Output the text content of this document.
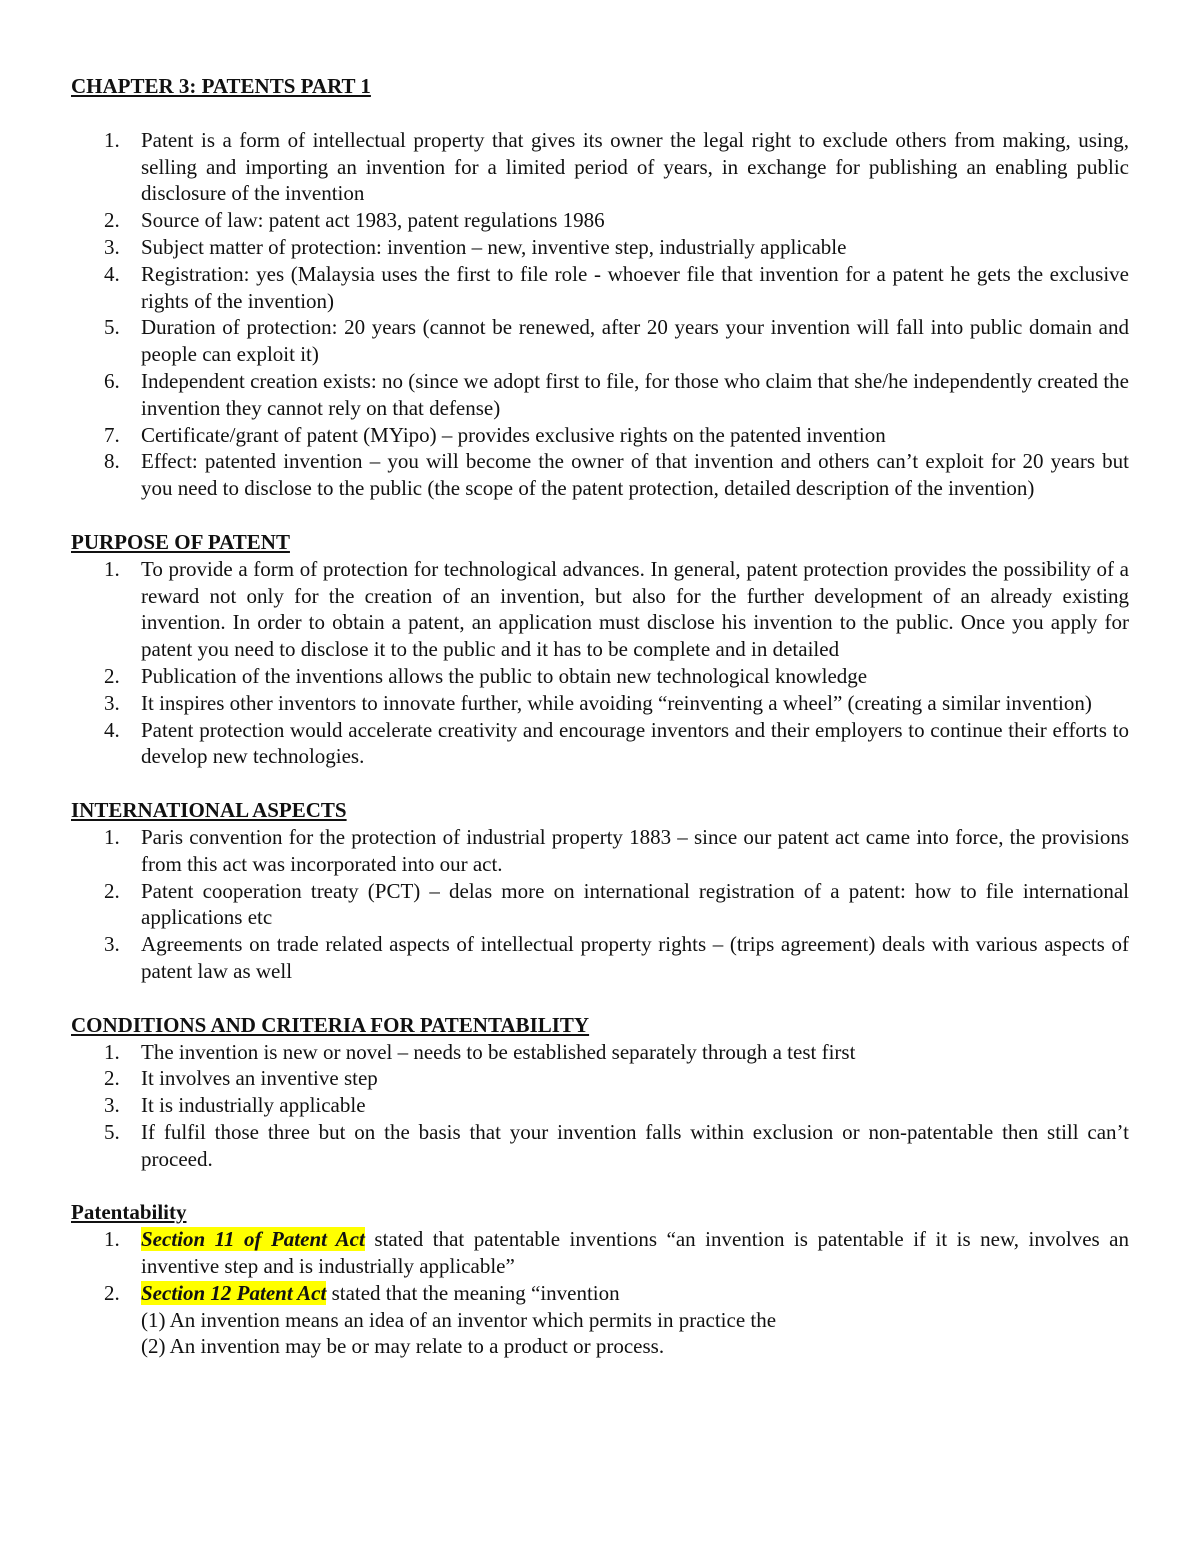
CHAPTER 3: PATENTS PART 1
1.	Patent is a form of intellectual property that gives its owner the legal right to exclude others from making, using, selling and importing an invention for a limited period of years, in exchange for publishing an enabling public disclosure of the invention
2.	Source of law: patent act 1983, patent regulations 1986
3.	Subject matter of protection: invention – new, inventive step, industrially applicable
4.	Registration: yes (Malaysia uses the first to file role - whoever file that invention for a patent he gets the exclusive rights of the invention)
5.	Duration of protection: 20 years (cannot be renewed, after 20 years your invention will fall into public domain and people can exploit it)
6.	Independent creation exists: no (since we adopt first to file, for those who claim that she/he independently created the invention they cannot rely on that defense)
7.	Certificate/grant of patent (MYipo) – provides exclusive rights on the patented invention
8.	Effect: patented invention – you will become the owner of that invention and others can’t exploit for 20 years but you need to disclose to the public (the scope of the patent protection, detailed description of the invention)
PURPOSE OF PATENT
1.	To provide a form of protection for technological advances. In general, patent protection provides the possibility of a reward not only for the creation of an invention, but also for the further development of an already existing invention. In order to obtain a patent, an application must disclose his invention to the public. Once you apply for patent you need to disclose it to the public and it has to be complete and in detailed
2.	Publication of the inventions allows the public to obtain new technological knowledge
3.	It inspires other inventors to innovate further, while avoiding “reinventing a wheel” (creating a similar invention)
4.	Patent protection would accelerate creativity and encourage inventors and their employers to continue their efforts to develop new technologies.
INTERNATIONAL ASPECTS
1.	Paris convention for the protection of industrial property 1883 – since our patent act came into force, the provisions from this act was incorporated into our act.
2.	Patent cooperation treaty (PCT) – delas more on international registration of a patent: how to file international applications etc
3.	Agreements on trade related aspects of intellectual property rights – (trips agreement) deals with various aspects of patent law as well
CONDITIONS AND CRITERIA FOR PATENTABILITY
1.	The invention is new or novel – needs to be established separately through a test first
2.	It involves an inventive step
3.	It is industrially applicable
5.	If fulfil those three but on the basis that your invention falls within exclusion or non-patentable then still can’t proceed.
Patentability
1.	Section 11 of Patent Act stated that patentable inventions “an invention is patentable if it is new, involves an inventive step and is industrially applicable”
2.	Section 12 Patent Act stated that the meaning “invention
(1) An invention means an idea of an inventor which permits in practice the
(2) An invention may be or may relate to a product or process.
